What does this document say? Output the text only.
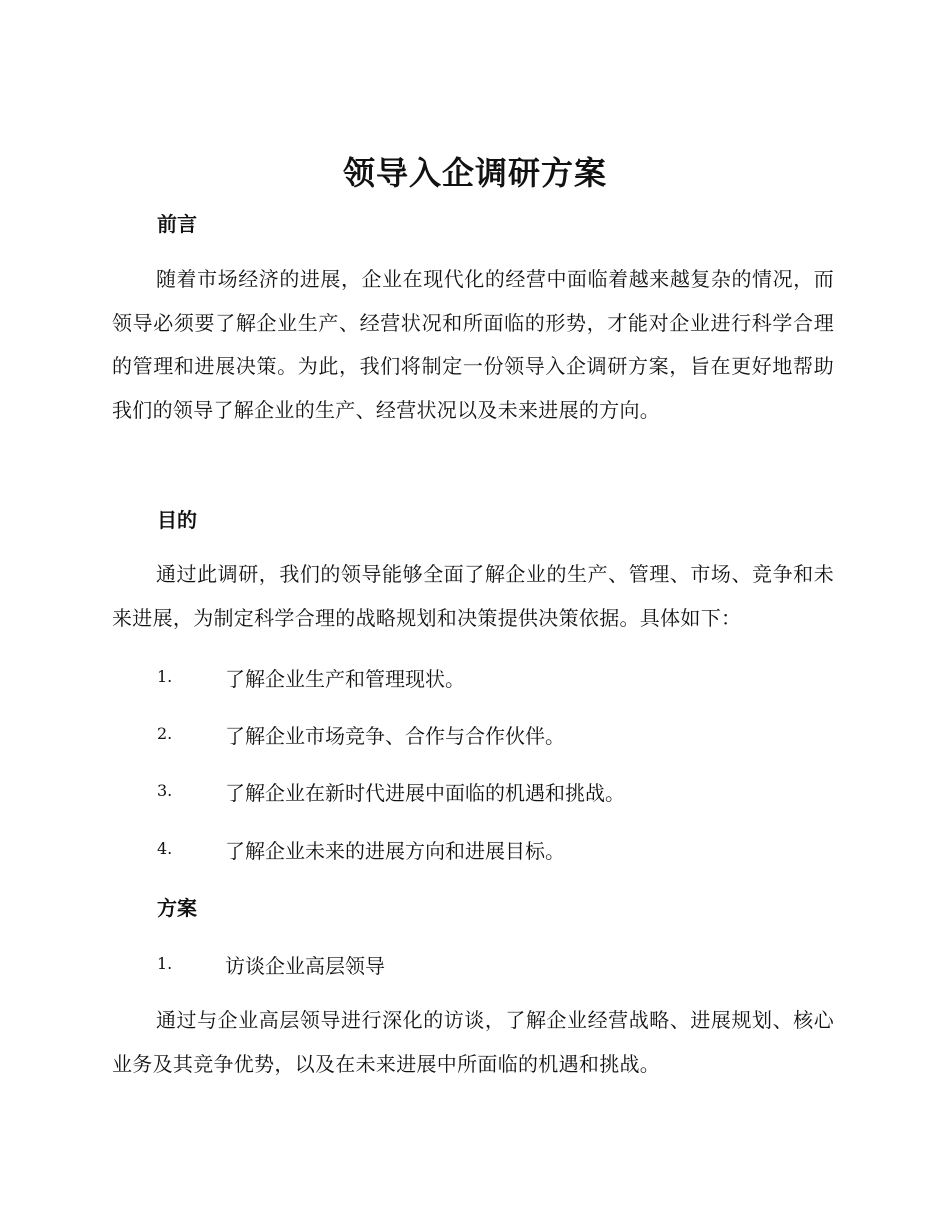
领导入企调研方案
前言

随着市场经济的进展，企业在现代化的经营中面临着越来越复杂的情况，而领导必须要了解企业生产、经营状况和所面临的形势，才能对企业进行科学合理的管理和进展决策。为此，我们将制定一份领导入企调研方案，旨在更好地帮助我们的领导了解企业的生产、经营状况以及未来进展的方向。

目的

通过此调研，我们的领导能够全面了解企业的生产、管理、市场、竞争和未来进展，为制定科学合理的战略规划和决策提供决策依据。具体如下：

1.	了解企业生产和管理现状。
2.	了解企业市场竞争、合作与合作伙伴。
3.	了解企业在新时代进展中面临的机遇和挑战。
4.	了解企业未来的进展方向和进展目标。
方案
1.	访谈企业高层领导

通过与企业高层领导进行深化的访谈，了解企业经营战略、进展规划、核心业务及其竞争优势，以及在未来进展中所面临的机遇和挑战。
